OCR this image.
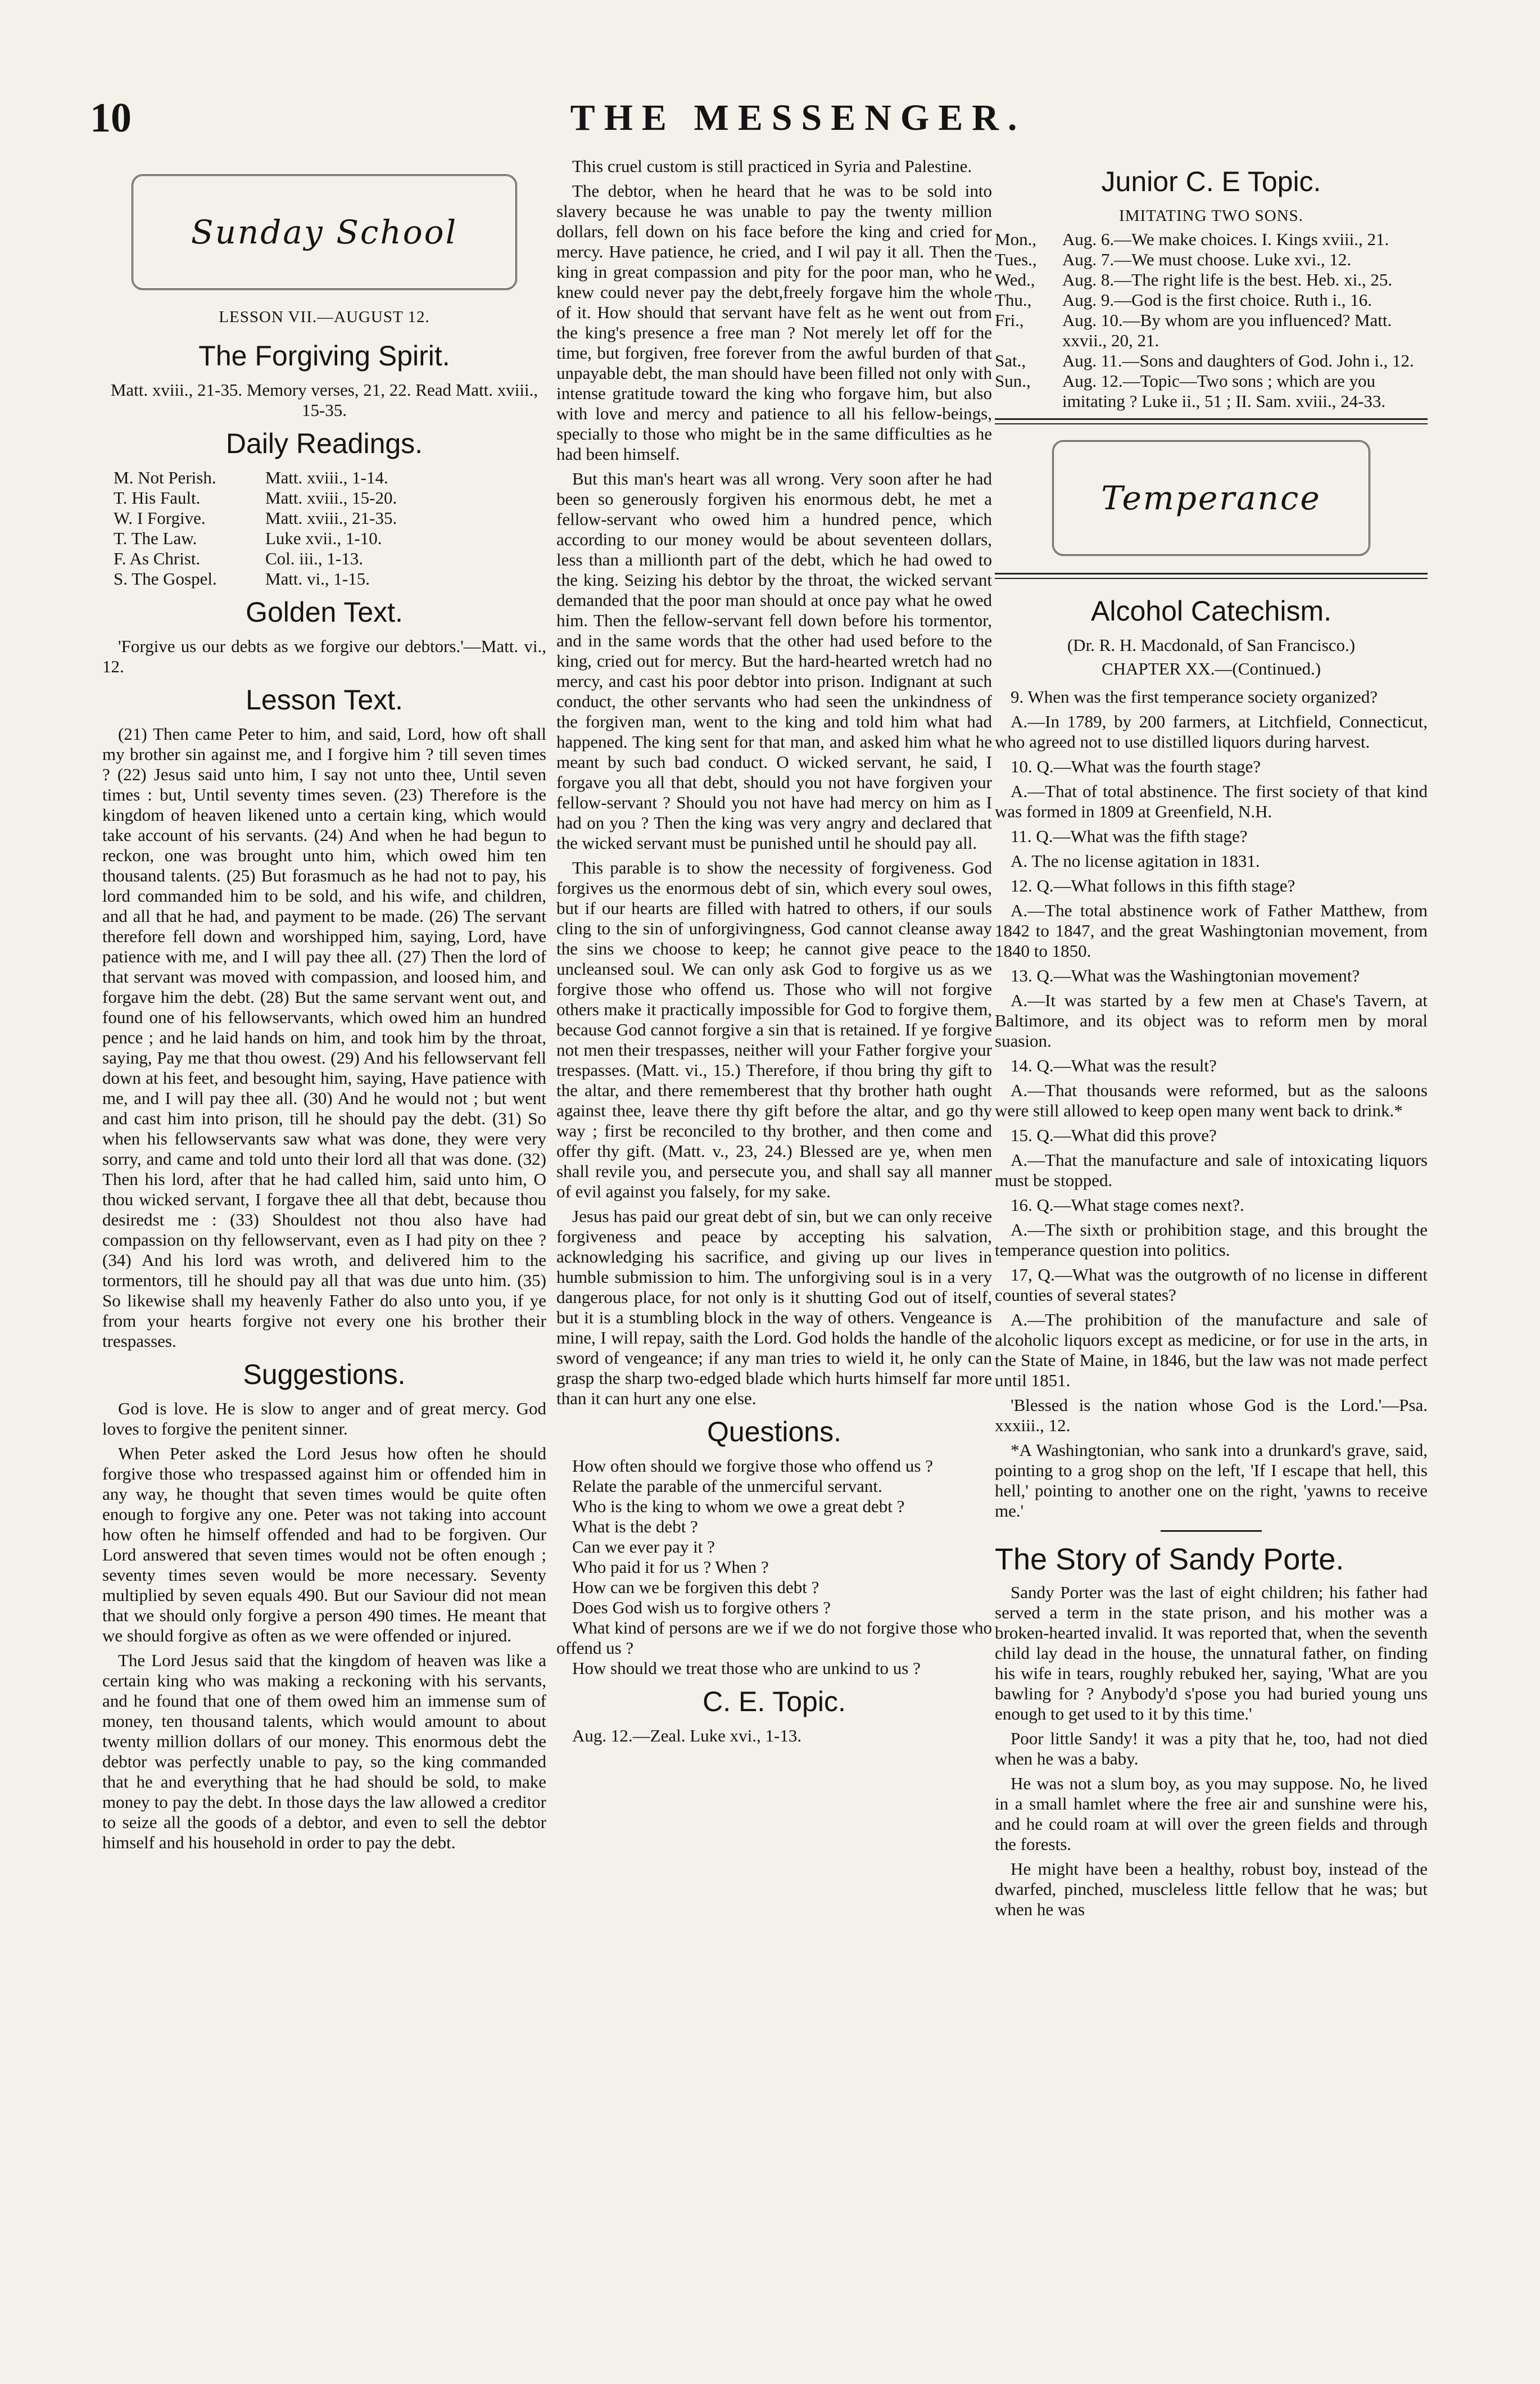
10	THE MESSENGER.
Sunday School
LESSON VII.—AUGUST 12.
The Forgiving Spirit.

Matt. xviii., 21-35. Memory verses, 21, 22. Read Matt. xviii., 15-35.

Daily Readings.
M. Not Perish.	Matt. xviii., 1-14.
T. His Fault.	Matt. xviii., 15-20.
W. I Forgive.	Matt. xviii., 21-35.
T. The Law.	Luke xvii., 1-10.
F. As Christ.	Col. iii., 1-13.
S. The Gospel.	Matt. vi., 1-15.
Golden Text.

'Forgive us our debts as we forgive our debtors.'—Matt. vi., 12.

Lesson Text.

(21) Then came Peter to him, and said, Lord, how oft shall my brother sin against me, and I forgive him ? till seven times ? (22) Jesus said unto him, I say not unto thee, Until seven times : but, Until seventy times seven. (23) Therefore is the kingdom of heaven likened unto a certain king, which would take account of his servants. (24) And when he had begun to reckon, one was brought unto him, which owed him ten thousand talents. (25) But forasmuch as he had not to pay, his lord commanded him to be sold, and his wife, and children, and all that he had, and payment to be made. (26) The servant therefore fell down and worshipped him, saying, Lord, have patience with me, and I will pay thee all. (27) Then the lord of that servant was moved with compassion, and loosed him, and forgave him the debt. (28) But the same servant went out, and found one of his fellowservants, which owed him an hundred pence ; and he laid hands on him, and took him by the throat, saying, Pay me that thou owest. (29) And his fellowservant fell down at his feet, and besought him, saying, Have patience with me, and I will pay thee all. (30) And he would not ; but went and cast him into prison, till he should pay the debt. (31) So when his fellowservants saw what was done, they were very sorry, and came and told unto their lord all that was done. (32) Then his lord, after that he had called him, said unto him, O thou wicked servant, I forgave thee all that debt, because thou desiredst me : (33) Shouldest not thou also have had compassion on thy fellowservant, even as I had pity on thee ? (34) And his lord was wroth, and delivered him to the tormentors, till he should pay all that was due unto him. (35) So likewise shall my heavenly Father do also unto you, if ye from your hearts forgive not every one his brother their trespasses.

Suggestions.

God is love. He is slow to anger and of great mercy. God loves to forgive the penitent sinner.

When Peter asked the Lord Jesus how often he should forgive those who trespassed against him or offended him in any way, he thought that seven times would be quite often enough to forgive any one. Peter was not taking into account how often he himself offended and had to be forgiven. Our Lord answered that seven times would not be often enough ; seventy times seven would be more necessary. Seventy multiplied by seven equals 490. But our Saviour did not mean that we should only forgive a person 490 times. He meant that we should forgive as often as we were offended or injured.

The Lord Jesus said that the kingdom of heaven was like a certain king who was making a reckoning with his servants, and he found that one of them owed him an immense sum of money, ten thousand talents, which would amount to about twenty million dollars of our money. This enormous debt the debtor was perfectly unable to pay, so the king commanded that he and everything that he had should be sold, to make money to pay the debt. In those days the law allowed a creditor to seize all the goods of a debtor, and even to sell the debtor himself and his household in order to pay the debt.

This cruel custom is still practiced in Syria and Palestine.

The debtor, when he heard that he was to be sold into slavery because he was unable to pay the twenty million dollars, fell down on his face before the king and cried for mercy. Have patience, he cried, and I wil pay it all. Then the king in great compassion and pity for the poor man, who he knew could never pay the debt,freely forgave him the whole of it. How should that servant have felt as he went out from the king's presence a free man ? Not merely let off for the time, but forgiven, free forever from the awful burden of that unpayable debt, the man should have been filled not only with intense gratitude toward the king who forgave him, but also with love and mercy and patience to all his fellow-beings, specially to those who might be in the same difficulties as he had been himself.

But this man's heart was all wrong. Very soon after he had been so generously forgiven his enormous debt, he met a fellow-servant who owed him a hundred pence, which according to our money would be about seventeen dollars, less than a millionth part of the debt, which he had owed to the king. Seizing his debtor by the throat, the wicked servant demanded that the poor man should at once pay what he owed him. Then the fellow-servant fell down before his tormentor, and in the same words that the other had used before to the king, cried out for mercy. But the hard-hearted wretch had no mercy, and cast his poor debtor into prison. Indignant at such conduct, the other servants who had seen the unkindness of the forgiven man, went to the king and told him what had happened. The king sent for that man, and asked him what he meant by such bad conduct. O wicked servant, he said, I forgave you all that debt, should you not have forgiven your fellow-servant ? Should you not have had mercy on him as I had on you ? Then the king was very angry and declared that the wicked servant must be punished until he should pay all.

This parable is to show the necessity of forgiveness. God forgives us the enormous debt of sin, which every soul owes, but if our hearts are filled with hatred to others, if our souls cling to the sin of unforgivingness, God cannot cleanse away the sins we choose to keep; he cannot give peace to the uncleansed soul. We can only ask God to forgive us as we forgive those who offend us. Those who will not forgive others make it practically impossible for God to forgive them, because God cannot forgive a sin that is retained. If ye forgive not men their trespasses, neither will your Father forgive your trespasses. (Matt. vi., 15.) Therefore, if thou bring thy gift to the altar, and there rememberest that thy brother hath ought against thee, leave there thy gift before the altar, and go thy way ; first be reconciled to thy brother, and then come and offer thy gift. (Matt. v., 23, 24.) Blessed are ye, when men shall revile you, and persecute you, and shall say all manner of evil against you falsely, for my sake.

Jesus has paid our great debt of sin, but we can only receive forgiveness and peace by accepting his salvation, acknowledging his sacrifice, and giving up our lives in humble submission to him. The unforgiving soul is in a very dangerous place, for not only is it shutting God out of itself, but it is a stumbling block in the way of others. Vengeance is mine, I will repay, saith the Lord. God holds the handle of the sword of vengeance; if any man tries to wield it, he only can grasp the sharp two-edged blade which hurts himself far more than it can hurt any one else.

Questions.

How often should we forgive those who offend us ?

Relate the parable of the unmerciful servant.

Who is the king to whom we owe a great debt ?

What is the debt ?

Can we ever pay it ?

Who paid it for us ? When ?

How can we be forgiven this debt ?

Does God wish us to forgive others ?

What kind of persons are we if we do not forgive those who offend us ?

How should we treat those who are unkind to us ?

C. E. Topic.

Aug. 12.—Zeal. Luke xvi., 1-13.

Junior C. E Topic.
IMITATING TWO SONS.
Mon.,	Aug. 6.—We make choices. I. Kings xviii., 21.
Tues.,	Aug. 7.—We must choose. Luke xvi., 12.
Wed.,	Aug. 8.—The right life is the best. Heb. xi., 25.
Thu.,	Aug. 9.—God is the first choice. Ruth i., 16.
Fri.,	Aug. 10.—By whom are you influenced? Matt. xxvii., 20, 21.
Sat.,	Aug. 11.—Sons and daughters of God. John i., 12.
Sun.,	Aug. 12.—Topic—Two sons ; which are you imitating ? Luke ii., 51 ; II. Sam. xviii., 24-33.
Temperance
Alcohol Catechism.

(Dr. R. H. Macdonald, of San Francisco.)

CHAPTER XX.—(Continued.)

9. When was the first temperance society organized?

A.—In 1789, by 200 farmers, at Litchfield, Connecticut, who agreed not to use distilled liquors during harvest.

10. Q.—What was the fourth stage?

A.—That of total abstinence. The first society of that kind was formed in 1809 at Greenfield, N.H.

11. Q.—What was the fifth stage?

A. The no license agitation in 1831.

12. Q.—What follows in this fifth stage?

A.—The total abstinence work of Father Matthew, from 1842 to 1847, and the great Washingtonian movement, from 1840 to 1850.

13. Q.—What was the Washingtonian movement?

A.—It was started by a few men at Chase's Tavern, at Baltimore, and its object was to reform men by moral suasion.

14. Q.—What was the result?

A.—That thousands were reformed, but as the saloons were still allowed to keep open many went back to drink.*

15. Q.—What did this prove?

A.—That the manufacture and sale of intoxicating liquors must be stopped.

16. Q.—What stage comes next?.

A.—The sixth or prohibition stage, and this brought the temperance question into politics.

17, Q.—What was the outgrowth of no license in different counties of several states?

A.—The prohibition of the manufacture and sale of alcoholic liquors except as medicine, or for use in the arts, in the State of Maine, in 1846, but the law was not made perfect until 1851.

'Blessed is the nation whose God is the Lord.'—Psa. xxxiii., 12.

*A Washingtonian, who sank into a drunkard's grave, said, pointing to a grog shop on the left, 'If I escape that hell, this hell,' pointing to another one on the right, 'yawns to receive me.'

The Story of Sandy Porte.

Sandy Porter was the last of eight children; his father had served a term in the state prison, and his mother was a broken-hearted invalid. It was reported that, when the seventh child lay dead in the house, the unnatural father, on finding his wife in tears, roughly rebuked her, saying, 'What are you bawling for ? Anybody'd s'pose you had buried young uns enough to get used to it by this time.'

Poor little Sandy! it was a pity that he, too, had not died when he was a baby.

He was not a slum boy, as you may suppose. No, he lived in a small hamlet where the free air and sunshine were his, and he could roam at will over the green fields and through the forests.

He might have been a healthy, robust boy, instead of the dwarfed, pinched, muscleless little fellow that he was; but when he was
